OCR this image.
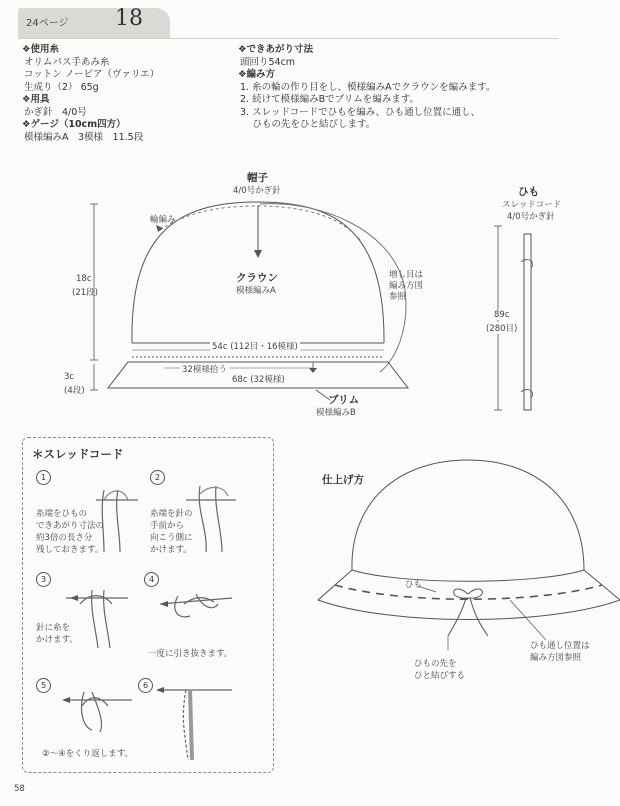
24ページ 18
❖使用糸
オリムパス手あみ糸
コットン ノービア（ヴァリエ）
生成り（2） 65g
❖用具
かぎ針　4/0号
❖ゲージ（10cm四方）
模様編みA　3模様　11.5段
❖できあがり寸法
頭回り54cm
❖編み方
1. 糸の輪の作り目をし、模様編みAでクラウンを編みます。
2. 続けて模様編みBでブリムを編みます。
3. スレッドコードでひもを編み、ひも通し位置に通し、
　 ひもの先をひと結びします。
帽子
4/0号かぎ針
輪編み
クラウン
模様編みA
18c
(21段)
増し目は
編み方図
参照
54c (112目・16模様)
32模様拾う
68c (32模様)
3c
(4段)
ブリム
模様編みB
ひも
スレッドコード
4/0号かぎ針
89c
(280目)
＊スレッドコード
1
糸端をひもの
できあがり寸法の
約3倍の長さ分
残しておきます。
2
糸端を針の
手前から
向こう側に
かけます。
3
針に糸を
かけます。
4
一度に引き抜きます。
5	6
②～④をくり返します。
仕上げ方
ひも
ひもの先を
ひと結びする
ひも通し位置は
編み方図参照
58
